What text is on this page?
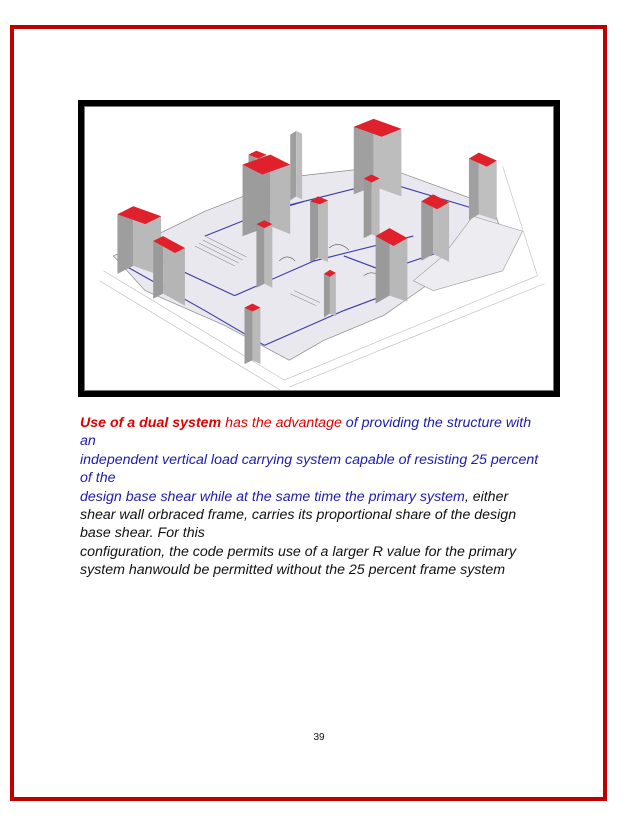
Use of a dual system has the advantage of providing the structure with
an
independent vertical load carrying system capable of resisting 25 percent
of the
design base shear while at the same time the primary system, either
shear wall orbraced frame, carries its proportional share of the design
base shear. For this
configuration, the code permits use of a larger R value for the primary
system hanwould be permitted without the 25 percent frame system
39
